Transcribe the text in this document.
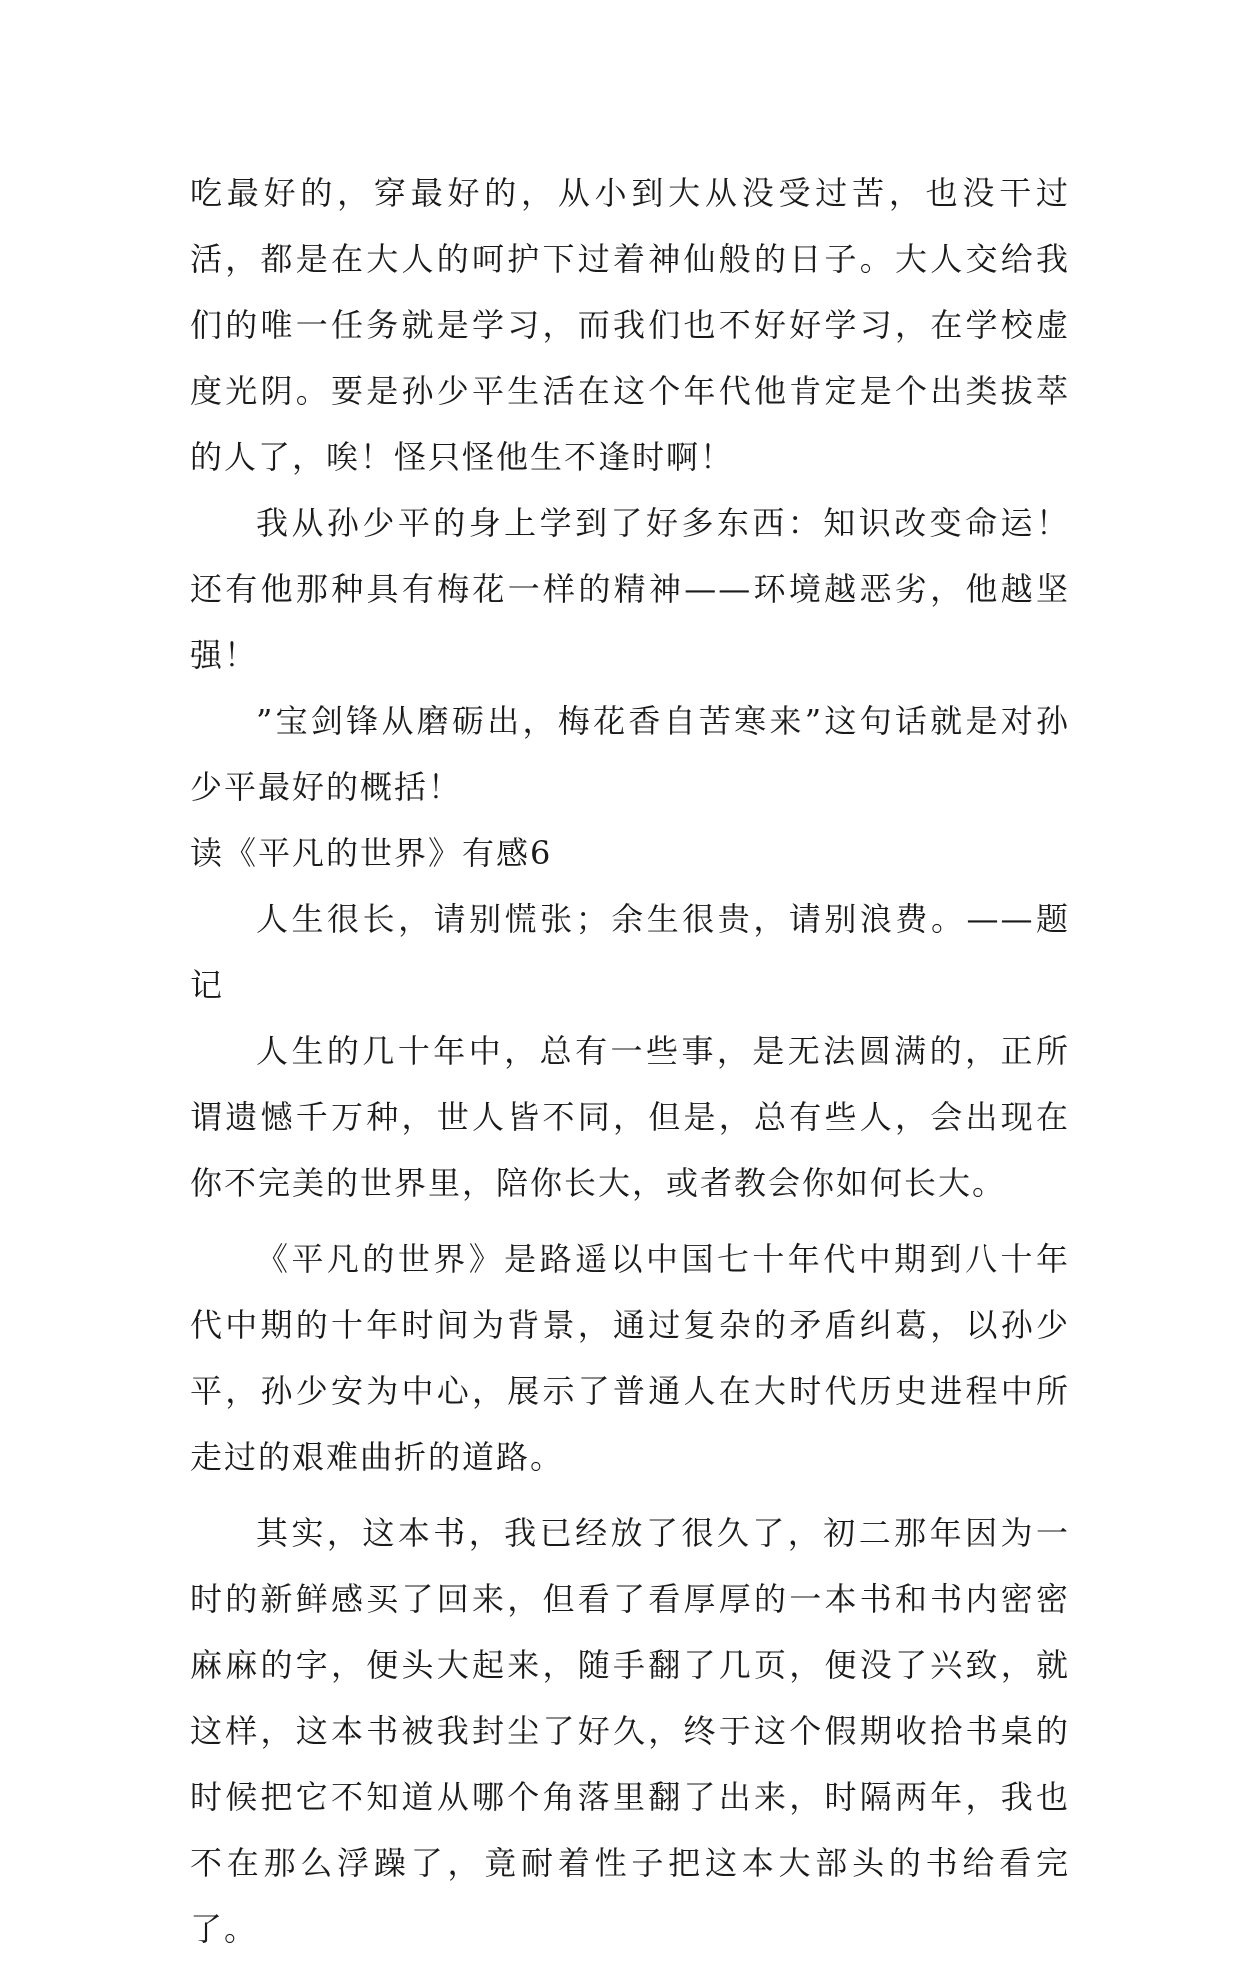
吃最好的，穿最好的，从小到大从没受过苦，也没干过活，都是在大人的呵护下过着神仙般的日子。大人交给我们的唯一任务就是学习，而我们也不好好学习，在学校虚度光阴。要是孙少平生活在这个年代他肯定是个出类拔萃的人了，唉！怪只怪他生不逢时啊！

我从孙少平的身上学到了好多东西：知识改变命运！还有他那种具有梅花一样的精神——环境越恶劣，他越坚强！

”宝剑锋从磨砺出，梅花香自苦寒来”这句话就是对孙少平最好的概括！

读《平凡的世界》有感6

人生很长，请别慌张；余生很贵，请别浪费。——题记

人生的几十年中，总有一些事，是无法圆满的，正所谓遗憾千万种，世人皆不同，但是，总有些人，会出现在你不完美的世界里，陪你长大，或者教会你如何长大。

《平凡的世界》是路遥以中国七十年代中期到八十年代中期的十年时间为背景，通过复杂的矛盾纠葛，以孙少平，孙少安为中心，展示了普通人在大时代历史进程中所走过的艰难曲折的道路。

其实，这本书，我已经放了很久了，初二那年因为一时的新鲜感买了回来，但看了看厚厚的一本书和书内密密麻麻的字，便头大起来，随手翻了几页，便没了兴致，就这样，这本书被我封尘了好久，终于这个假期收拾书桌的时候把它不知道从哪个角落里翻了出来，时隔两年，我也不在那么浮躁了，竟耐着性子把这本大部头的书给看完了。
